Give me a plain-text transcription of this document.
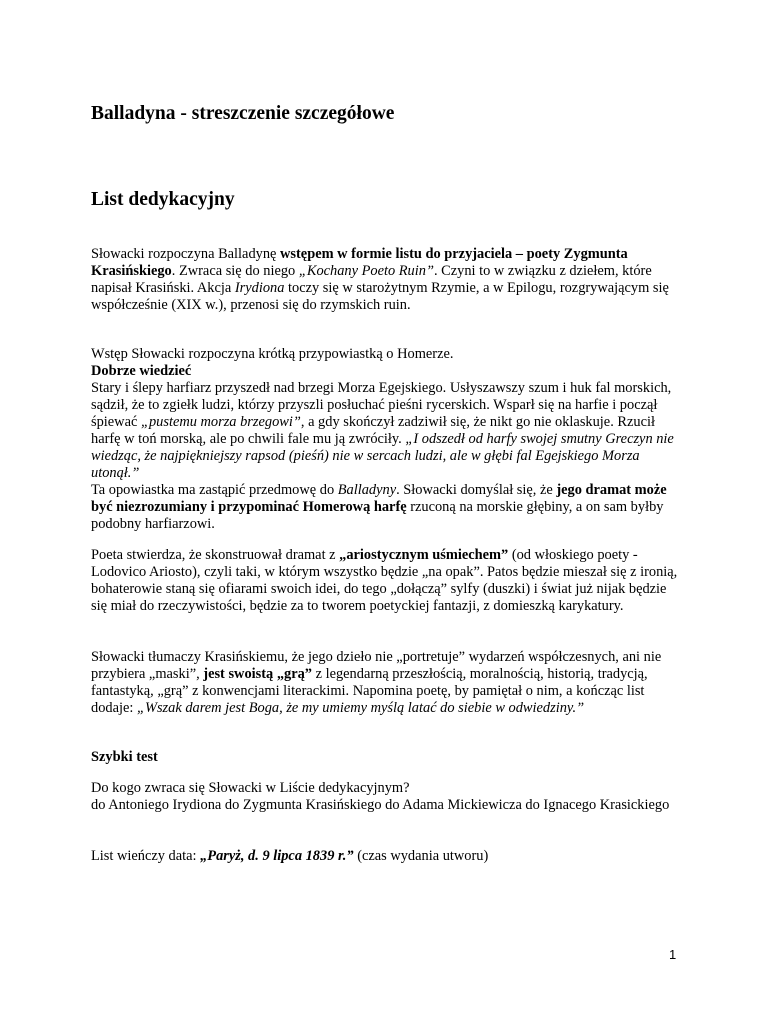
Balladyna - streszczenie szczegółowe
List dedykacyjny

Słowacki rozpoczyna Balladynę wstępem w formie listu do przyjaciela – poety Zygmunta Krasińskiego. Zwraca się do niego „Kochany Poeto Ruin”. Czyni to w związku z dziełem, które napisał Krasiński. Akcja Irydiona toczy się w starożytnym Rzymie, a w Epilogu, rozgrywającym się współcześnie (XIX w.), przenosi się do rzymskich ruin.

Wstęp Słowacki rozpoczyna krótką przypowiastką o Homerze.
Dobrze wiedzieć
Stary i ślepy harfiarz przyszedł nad brzegi Morza Egejskiego. Usłyszawszy szum i huk fal morskich, sądził, że to zgiełk ludzi, którzy przyszli posłuchać pieśni rycerskich. Wsparł się na harfie i począł śpiewać „pustemu morza brzegowi”, a gdy skończył zadziwił się, że nikt go nie oklaskuje. Rzucił harfę w toń morską, ale po chwili fale mu ją zwróciły. „I odszedł od harfy swojej smutny Greczyn nie wiedząc, że najpiękniejszy rapsod (pieśń) nie w sercach ludzi, ale w głębi fal Egejskiego Morza utonął.”
Ta opowiastka ma zastąpić przedmowę do Balladyny. Słowacki domyślał się, że jego dramat może być niezrozumiany i przypominać Homerową harfę rzuconą na morskie głębiny, a on sam byłby podobny harfiarzowi.

Poeta stwierdza, że skonstruował dramat z „ariostycznym uśmiechem” (od włoskiego poety - Lodovico Ariosto), czyli taki, w którym wszystko będzie „na opak”. Patos będzie mieszał się z ironią, bohaterowie staną się ofiarami swoich idei, do tego „dołączą” sylfy (duszki) i świat już nijak będzie się miał do rzeczywistości, będzie za to tworem poetyckiej fantazji, z domieszką karykatury.

Słowacki tłumaczy Krasińskiemu, że jego dzieło nie „portretuje” wydarzeń współczesnych, ani nie przybiera „maski”, jest swoistą „grą” z legendarną przeszłością, moralnością, historią, tradycją, fantastyką, „grą” z konwencjami literackimi. Napomina poetę, by pamiętał o nim, a kończąc list dodaje: „Wszak darem jest Boga, że my umiemy myślą latać do siebie w odwiedziny.”

Szybki test

Do kogo zwraca się Słowacki w Liście dedykacyjnym?
do Antoniego Irydiona do Zygmunta Krasińskiego do Adama Mickiewicza do Ignacego Krasickiego

List wieńczy data: „Paryż, d. 9 lipca 1839 r.” (czas wydania utworu)

1
